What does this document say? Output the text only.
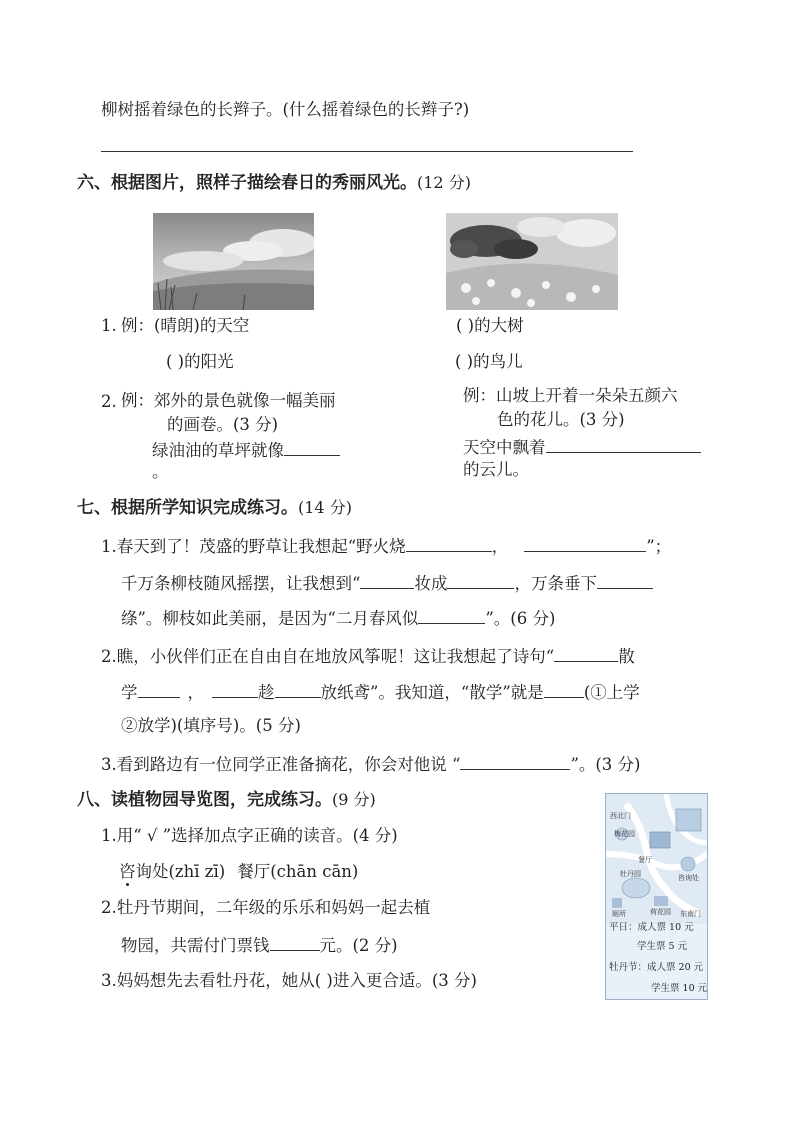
柳树摇着绿色的长辫子。(什么摇着绿色的长辫子?)
六、根据图片，照样子描绘春日的秀丽风光。(12 分)
1. 例：(晴朗)的天空	( )的大树
( )的阳光	( )的鸟儿
2. 例：郊外的景色就像一幅美丽
的画卷。(3 分)
绿油油的草坪就像
。
例：山坡上开着一朵朵五颜六
色的花儿。(3 分)
天空中飘着
的云儿。
七、根据所学知识完成练习。(14 分)
1.春天到了！茂盛的野草让我想起“野火烧	，	”；
千万条柳枝随风摇摆，让我想到“	妆成	，万条垂下
绦”。柳枝如此美丽，是因为“二月春风似	”。(6 分)
2.瞧，小伙伴们正在自由自在地放风筝呢！这让我想起了诗句“	散
学	，	趁	放纸鸢”。我知道，“散学”就是 (①上学
②放学)(填序号)。(5 分)
3.看到路边有一位同学正准备摘花，你会对他说 “	”。(3 分)
八、读植物园导览图，完成练习。(9 分)
1.用“ √ ”选择加点字正确的读音。(4 分)
咨询处(zhī zī) 餐厅(chān cān)
2.牡丹节期间，二年级的乐乐和妈妈一起去植
物园，共需付门票钱	元。(2 分)
3.妈妈想先去看牡丹花，她从( )进入更合适。(3 分)
西北门
梅花园
餐厅
牡丹园	咨询处
厕所	荷花园 东南门
平日：成人票 10 元
学生票 5 元
牡丹节：成人票 20 元
学生票 10 元
